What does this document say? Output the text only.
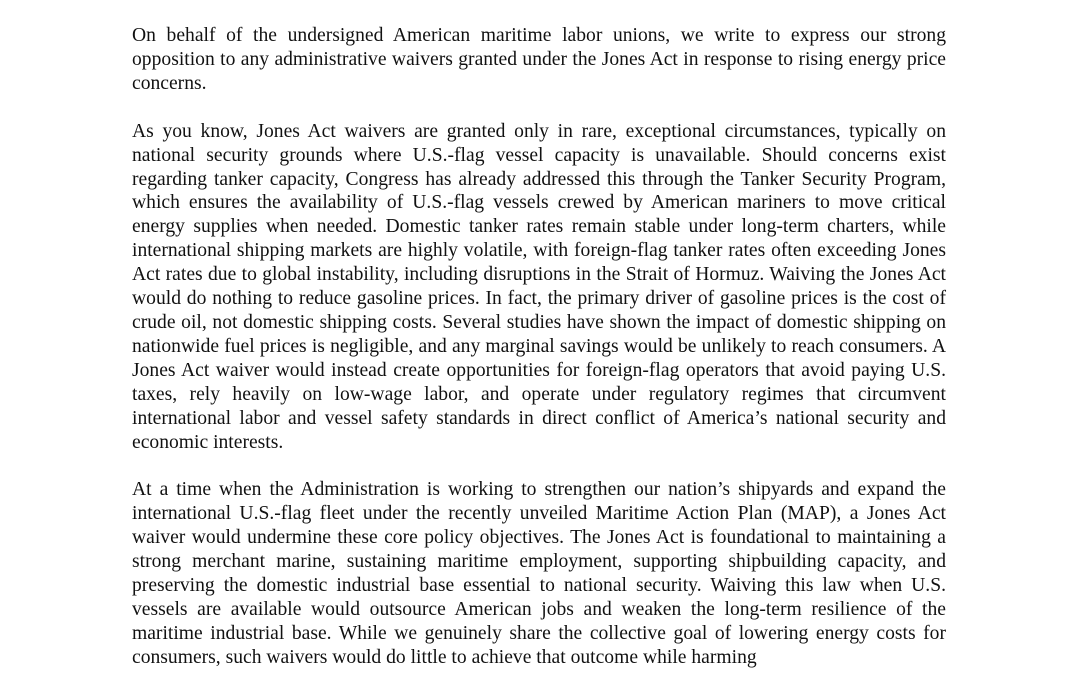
On behalf of the undersigned American maritime labor unions, we write to express our strong opposition to any administrative waivers granted under the Jones Act in response to rising energy price concerns.

As you know, Jones Act waivers are granted only in rare, exceptional circumstances, typically on national security grounds where U.S.-flag vessel capacity is unavailable. Should concerns exist regarding tanker capacity, Congress has already addressed this through the Tanker Security Program, which ensures the availability of U.S.-flag vessels crewed by American mariners to move critical energy supplies when needed. Domestic tanker rates remain stable under long-term charters, while international shipping markets are highly volatile, with foreign-flag tanker rates often exceeding Jones Act rates due to global instability, including disruptions in the Strait of Hormuz. Waiving the Jones Act would do nothing to reduce gasoline prices. In fact, the primary driver of gasoline prices is the cost of crude oil, not domestic shipping costs. Several studies have shown the impact of domestic shipping on nationwide fuel prices is negligible, and any marginal savings would be unlikely to reach consumers. A Jones Act waiver would instead create opportunities for foreign-flag operators that avoid paying U.S. taxes, rely heavily on low-wage labor, and operate under regulatory regimes that circumvent international labor and vessel safety standards in direct conflict of America’s national security and economic interests.

At a time when the Administration is working to strengthen our nation’s shipyards and expand the international U.S.-flag fleet under the recently unveiled Maritime Action Plan (MAP), a Jones Act waiver would undermine these core policy objectives. The Jones Act is foundational to maintaining a strong merchant marine, sustaining maritime employment, supporting shipbuilding capacity, and preserving the domestic industrial base essential to national security. Waiving this law when U.S. vessels are available would outsource American jobs and weaken the long-term resilience of the maritime industrial base. While we genuinely share the collective goal of lowering energy costs for consumers, such waivers would do little to achieve that outcome while harming
